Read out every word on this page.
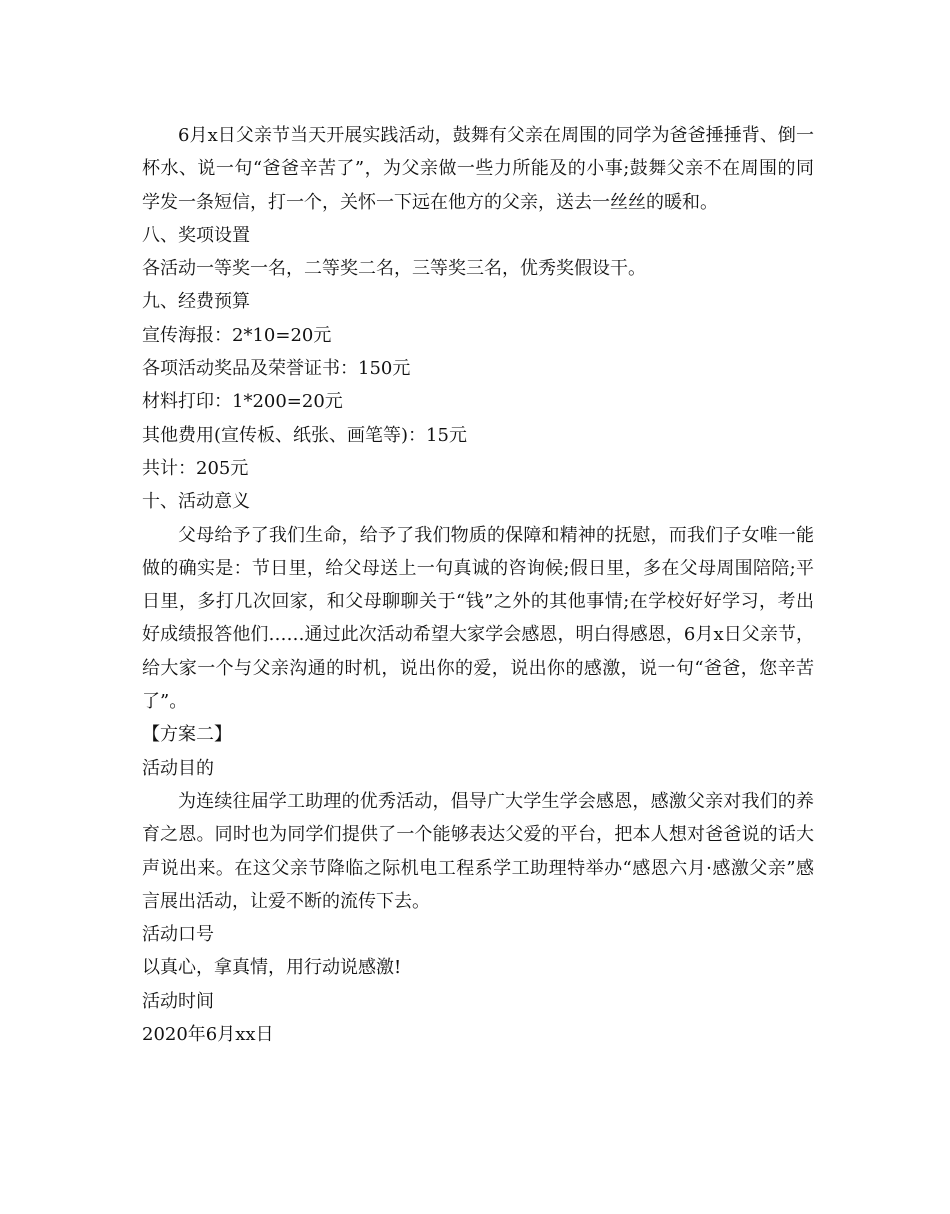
6月x日父亲节当天开展实践活动，鼓舞有父亲在周围的同学为爸爸捶捶背、倒一杯水、说一句“爸爸辛苦了”，为父亲做一些力所能及的小事;鼓舞父亲不在周围的同学发一条短信，打一个，关怀一下远在他方的父亲，送去一丝丝的暖和。

八、奖项设置

各活动一等奖一名，二等奖二名，三等奖三名，优秀奖假设干。

九、经费预算

宣传海报：2*10=20元

各项活动奖品及荣誉证书：150元

材料打印：1*200=20元

其他费用(宣传板、纸张、画笔等)：15元

共计：205元

十、活动意义

父母给予了我们生命，给予了我们物质的保障和精神的抚慰，而我们子女唯一能做的确实是：节日里，给父母送上一句真诚的咨询候;假日里，多在父母周围陪陪;平日里，多打几次回家，和父母聊聊关于“钱”之外的其他事情;在学校好好学习，考出好成绩报答他们……通过此次活动希望大家学会感恩，明白得感恩，6月x日父亲节，给大家一个与父亲沟通的时机，说出你的爱，说出你的感激，说一句“爸爸，您辛苦了”。

【方案二】

活动目的

为连续往届学工助理的优秀活动，倡导广大学生学会感恩，感激父亲对我们的养育之恩。同时也为同学们提供了一个能够表达父爱的平台，把本人想对爸爸说的话大声说出来。在这父亲节降临之际机电工程系学工助理特举办“感恩六月·感激父亲”感言展出活动，让爱不断的流传下去。

活动口号

以真心，拿真情，用行动说感激!

活动时间

2020年6月xx日
